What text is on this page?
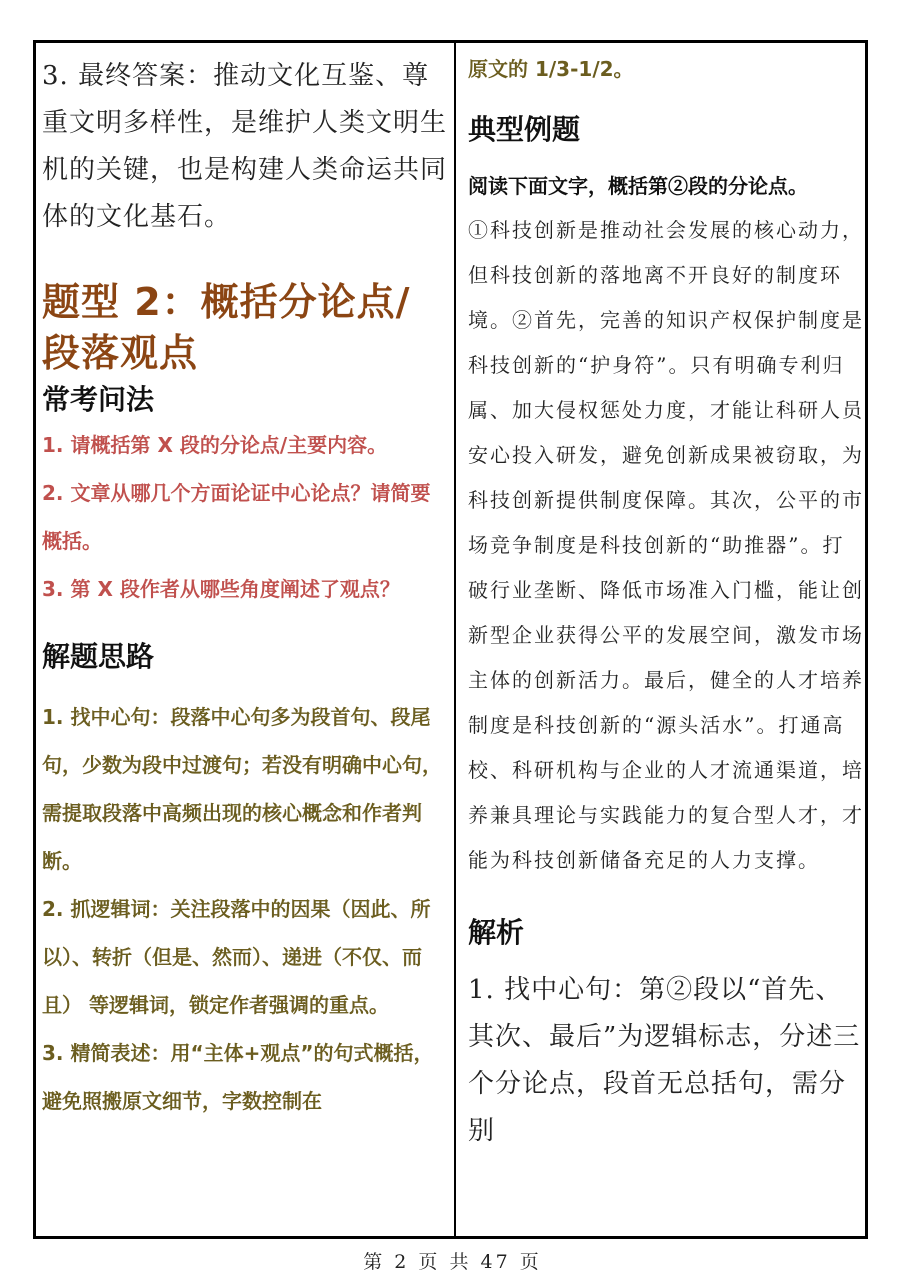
3. 最终答案：推动文化互鉴、尊重文明多样性，是维护人类文明生机的关键，也是构建人类命运共同体的文化基石。

题型 2：概括分论点/段落观点
常考问法

1. 请概括第 X 段的分论点/主要内容。

2. 文章从哪几个方面论证中心论点？请简要概括。

3. 第 X 段作者从哪些角度阐述了观点？

解题思路

1. 找中心句：段落中心句多为段首句、段尾句，少数为段中过渡句；若没有明确中心句，需提取段落中高频出现的核心概念和作者判断。

2. 抓逻辑词：关注段落中的因果（因此、所以）、转折（但是、然而）、递进（不仅、而且） 等逻辑词，锁定作者强调的重点。

3. 精简表述：用“主体+观点”的句式概括，避免照搬原文细节，字数控制在

原文的 1/3-1/2。

典型例题

阅读下面文字，概括第②段的分论点。

①科技创新是推动社会发展的核心动力，但科技创新的落地离不开良好的制度环境。②首先，完善的知识产权保护制度是科技创新的“护身符”。只有明确专利归属、加大侵权惩处力度，才能让科研人员安心投入研发，避免创新成果被窃取，为科技创新提供制度保障。其次，公平的市场竞争制度是科技创新的“助推器”。打破行业垄断、降低市场准入门槛，能让创新型企业获得公平的发展空间，激发市场主体的创新活力。最后，健全的人才培养制度是科技创新的“源头活水”。打通高校、科研机构与企业的人才流通渠道，培养兼具理论与实践能力的复合型人才，才能为科技创新储备充足的人力支撑。

解析

1. 找中心句：第②段以“首先、其次、最后”为逻辑标志，分述三个分论点，段首无总括句，需分别

第 2 页 共 47 页
